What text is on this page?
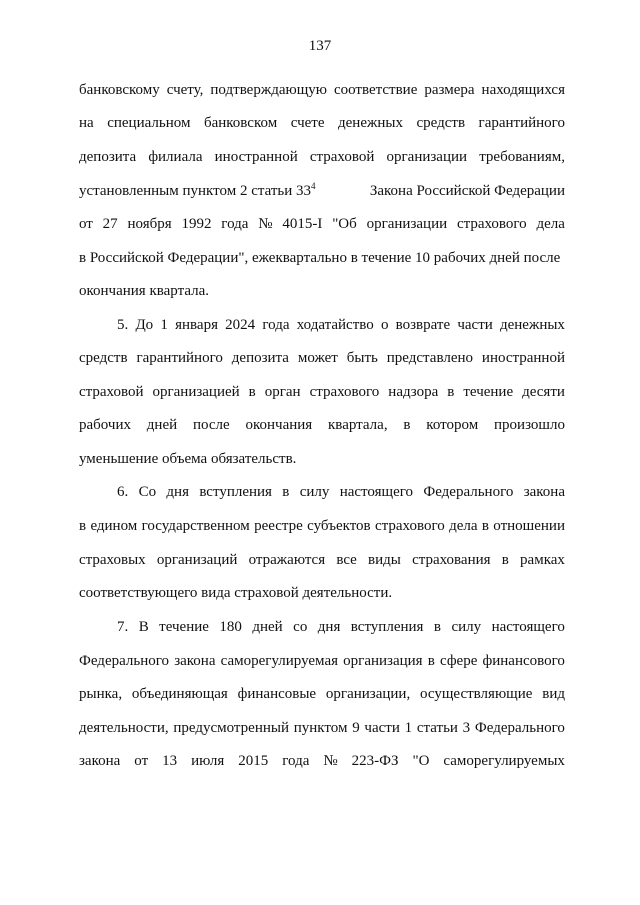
137
банковскому счету, подтверждающую соответствие размера находящихся
на специальном банковском счете денежных средств гарантийного
депозита филиала иностранной страховой организации требованиям,
установленным пунктом 2 статьи $33^4$	Закона Российской Федерации
от 27 ноября 1992 года № 4015-I "Об организации страхового дела
в Российской Федерации", ежеквартально в течение 10 рабочих дней после
окончания квартала.
5. До 1 января 2024 года ходатайство о возврате части денежных
средств гарантийного депозита может быть представлено иностранной
страховой организацией в орган страхового надзора в течение десяти
рабочих дней после окончания квартала, в котором произошло
уменьшение объема обязательств.
6. Со дня вступления в силу настоящего Федерального закона
в едином государственном реестре субъектов страхового дела в отношении
страховых организаций отражаются все виды страхования в рамках
соответствующего вида страховой деятельности.
7. В течение 180 дней со дня вступления в силу настоящего
Федерального закона саморегулируемая организация в сфере финансового
рынка, объединяющая финансовые организации, осуществляющие вид
деятельности, предусмотренный пунктом 9 части 1 статьи 3 Федерального
закона от 13 июля 2015 года № 223-ФЗ "О саморегулируемых
